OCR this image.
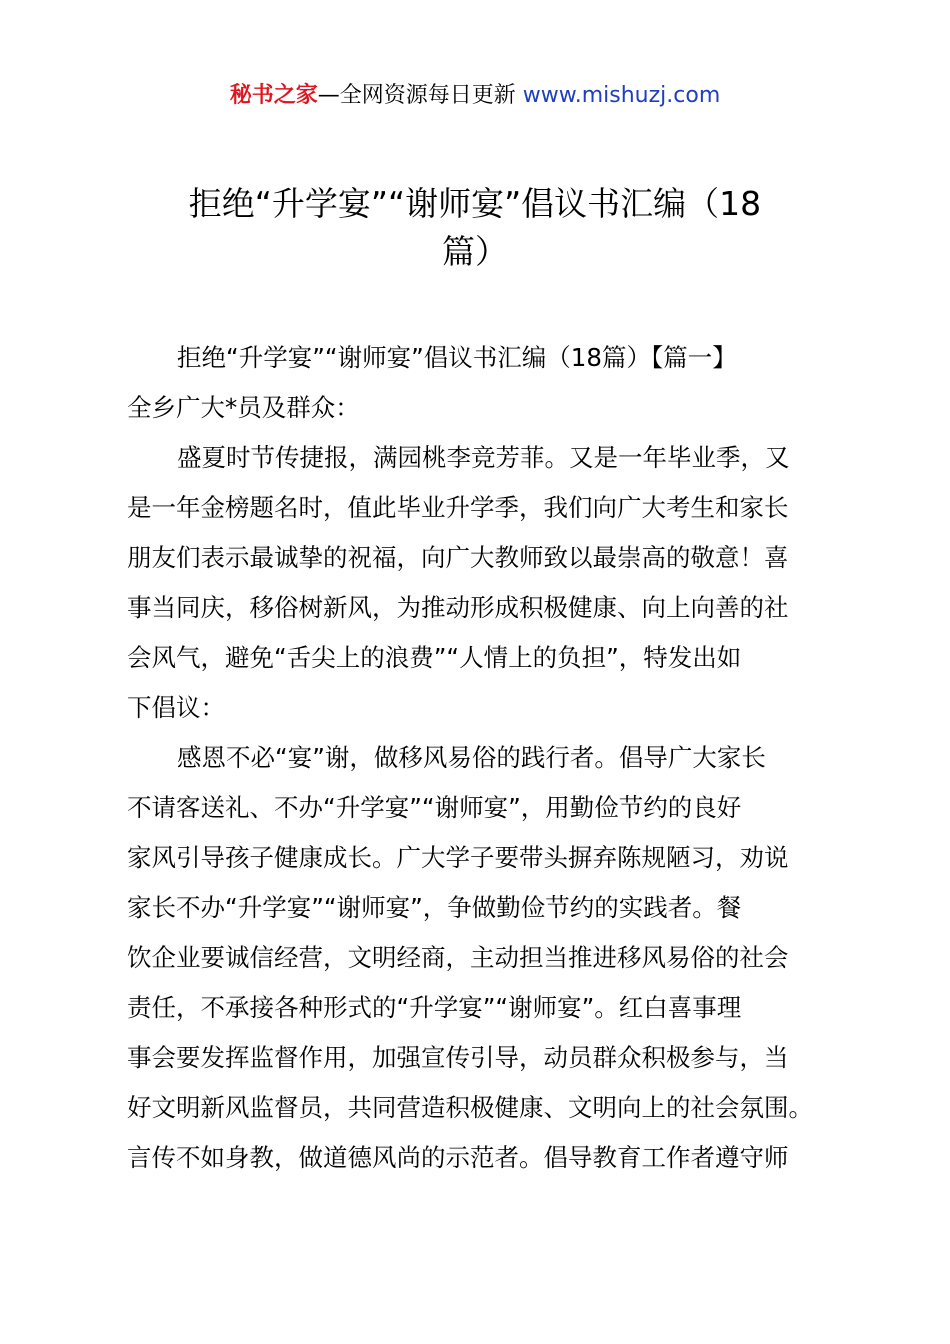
秘书之家—全网资源每日更新 www.mishuzj.com
拒绝“升学宴”“谢师宴”倡议书汇编（18
篇）

拒绝“升学宴”“谢师宴”倡议书汇编（18篇）【篇一】

全乡广大*员及群众：

盛夏时节传捷报，满园桃李竞芳菲。又是一年毕业季，又

是一年金榜题名时，值此毕业升学季，我们向广大考生和家长

朋友们表示最诚挚的祝福，向广大教师致以最崇高的敬意！喜

事当同庆，移俗树新风，为推动形成积极健康、向上向善的社

会风气，避免“舌尖上的浪费”“人情上的负担”，特发出如

下倡议：

感恩不必“宴”谢，做移风易俗的践行者。倡导广大家长

不请客送礼、不办“升学宴”“谢师宴”，用勤俭节约的良好

家风引导孩子健康成长。广大学子要带头摒弃陈规陋习，劝说

家长不办“升学宴”“谢师宴”，争做勤俭节约的实践者。餐

饮企业要诚信经营，文明经商，主动担当推进移风易俗的社会

责任，不承接各种形式的“升学宴”“谢师宴”。红白喜事理

事会要发挥监督作用，加强宣传引导，动员群众积极参与，当

好文明新风监督员，共同营造积极健康、文明向上的社会氛围。

言传不如身教，做道德风尚的示范者。倡导教育工作者遵守师
